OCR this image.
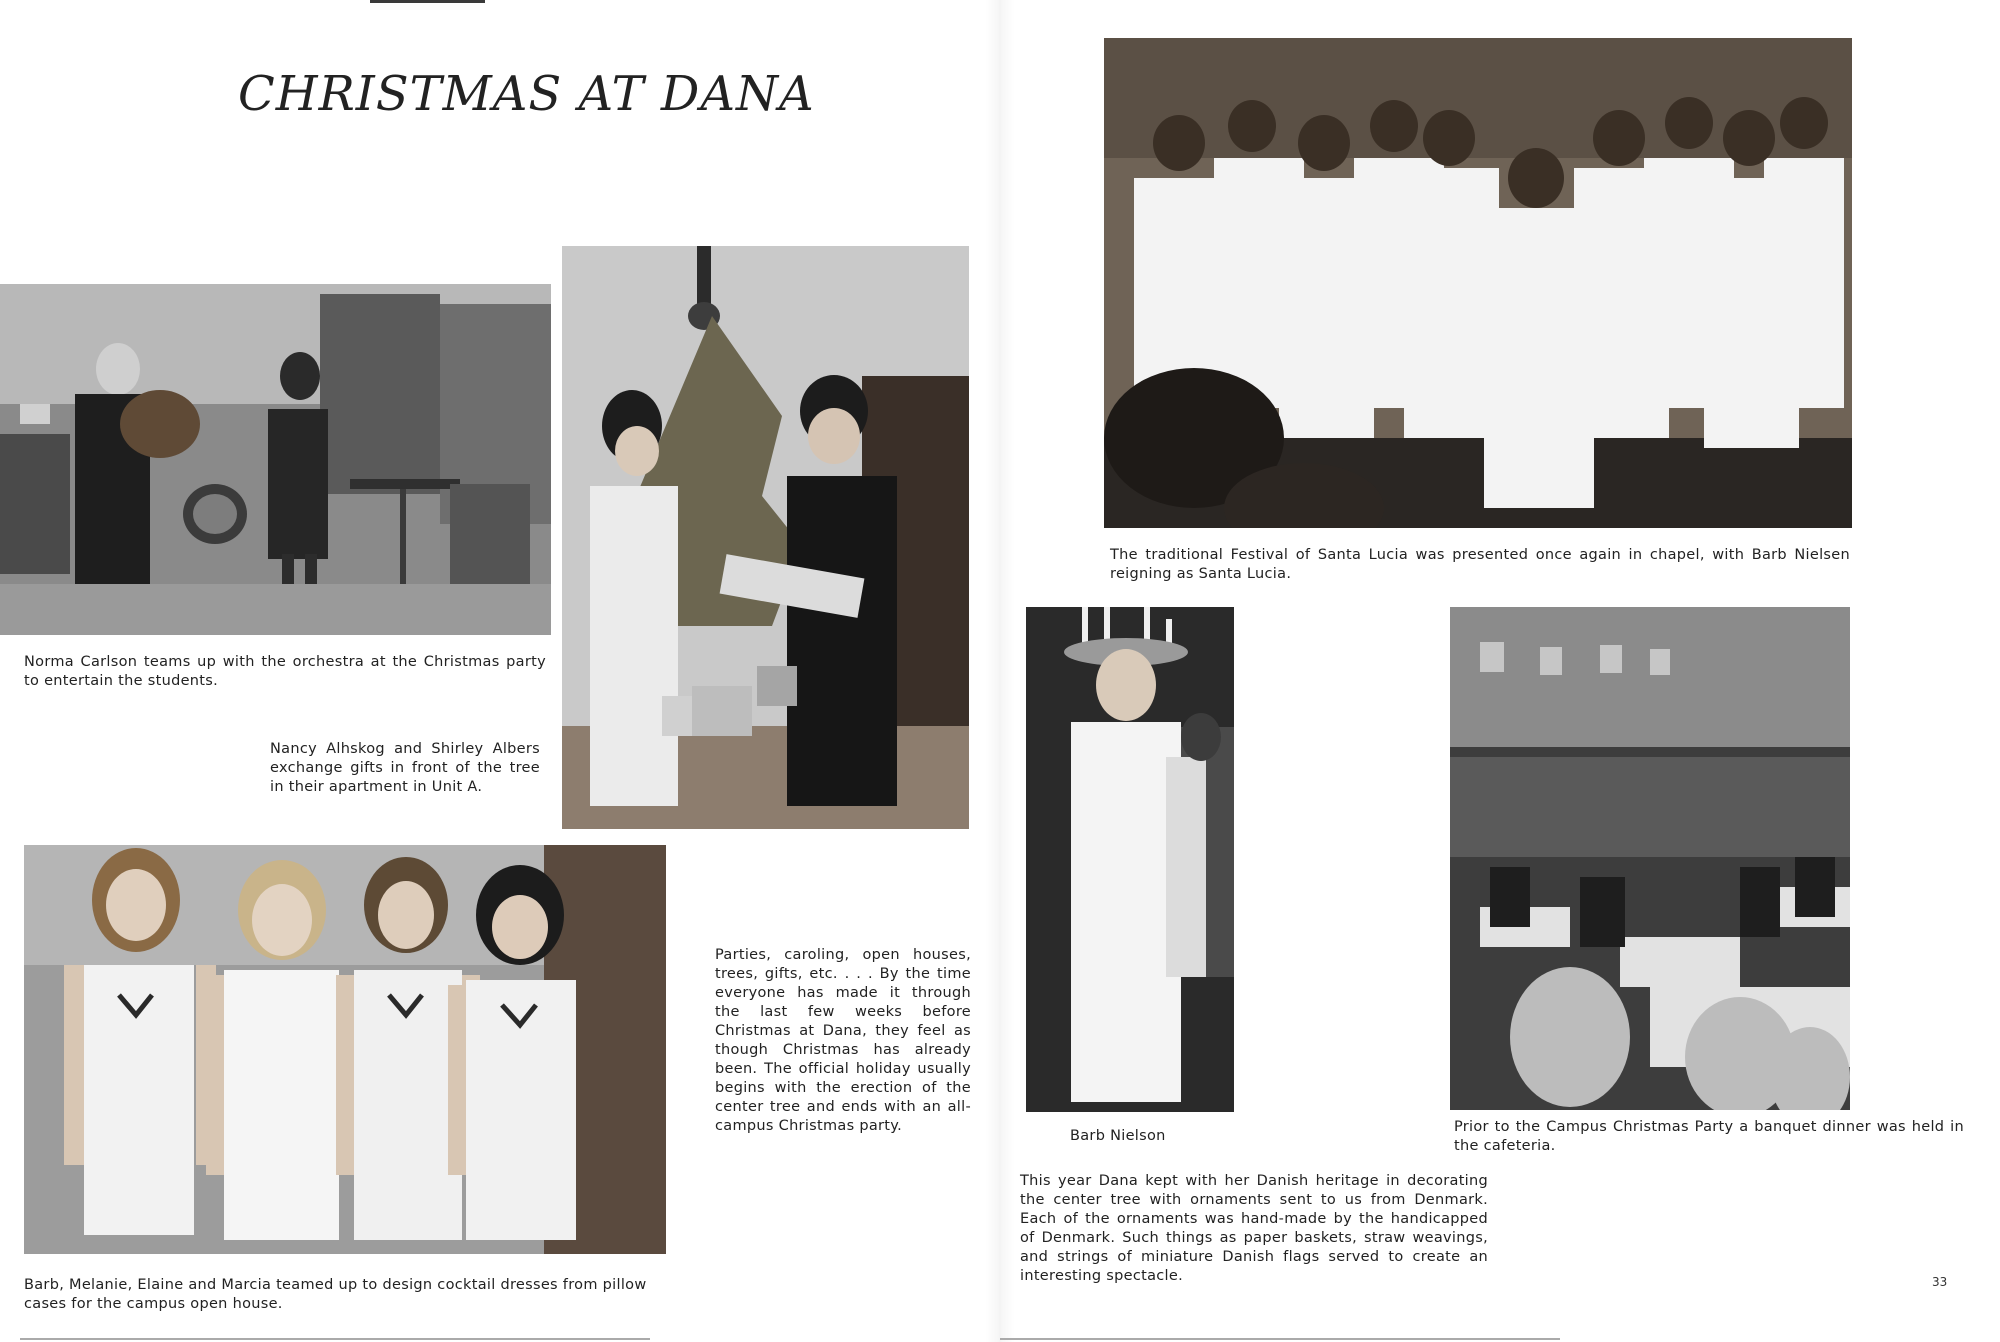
CHRISTMAS AT DANA
Norma Carlson teams up with the orchestra at the Christmas party to entertain the students.
Nancy Alhskog and Shirley Albers exchange gifts in front of the tree in their apartment in Unit A.
Parties, caroling, open houses, trees, gifts, etc. . . . By the time everyone has made it through the last few weeks before Christmas at Dana, they feel as though Christmas has already been. The official holiday usually begins with the erection of the center tree and ends with an all-campus Christmas party.
Barb, Melanie, Elaine and Marcia teamed up to design cocktail dresses from pillow cases for the campus open house.
The traditional Festival of Santa Lucia was presented once again in chapel, with Barb Nielsen reigning as Santa Lucia.
Barb Nielson
Prior to the Campus Christmas Party a banquet dinner was held in the cafeteria.
This year Dana kept with her Danish heritage in decorating the center tree with ornaments sent to us from Denmark. Each of the ornaments was hand-made by the handicapped of Denmark. Such things as paper baskets, straw weavings, and strings of miniature Danish flags served to create an interesting spectacle.	33
